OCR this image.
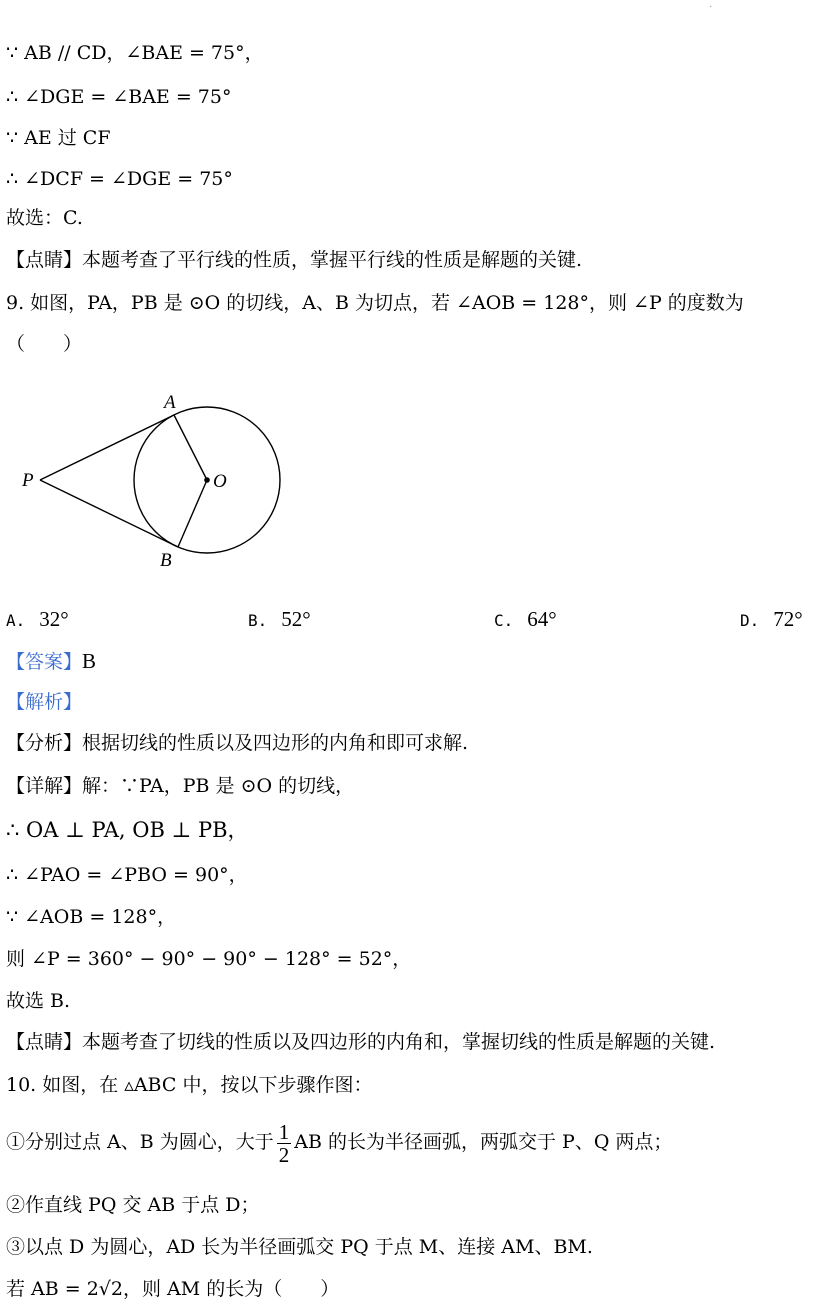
·
∵ AB // CD，∠BAE = 75°，
∴ ∠DGE = ∠BAE = 75°
∵ AE 过 CF
∴ ∠DCF = ∠DGE = 75°
故选：C.
【点睛】本题考查了平行线的性质，掌握平行线的性质是解题的关键.
9. 如图，PA，PB 是 ⊙O 的切线，A、B 为切点，若 ∠AOB = 128°，则 ∠P 的度数为
（　　）
A
B
P	O
A. 32°	B. 52°	C. 64°	D. 72°
【答案】B
【解析】
【分析】根据切线的性质以及四边形的内角和即可求解.
【详解】解：∵PA，PB 是 ⊙O 的切线，
∴ OA ⊥ PA, OB ⊥ PB，
∴ ∠PAO = ∠PBO = 90°，
∵ ∠AOB = 128°，
则 ∠P = 360° − 90° − 90° − 128° = 52°，
故选 B.
【点睛】本题考查了切线的性质以及四边形的内角和，掌握切线的性质是解题的关键.
10. 如图，在 ▵ABC 中，按以下步骤作图：
①分别过点 A、B 为圆心，大于 $\frac{1}{2}$ AB 的长为半径画弧，两弧交于 P、Q 两点；
②作直线 PQ 交 AB 于点 D；
③以点 D 为圆心，AD 长为半径画弧交 PQ 于点 M、连接 AM、BM.
若 AB = 2√2，则 AM 的长为（　　）
